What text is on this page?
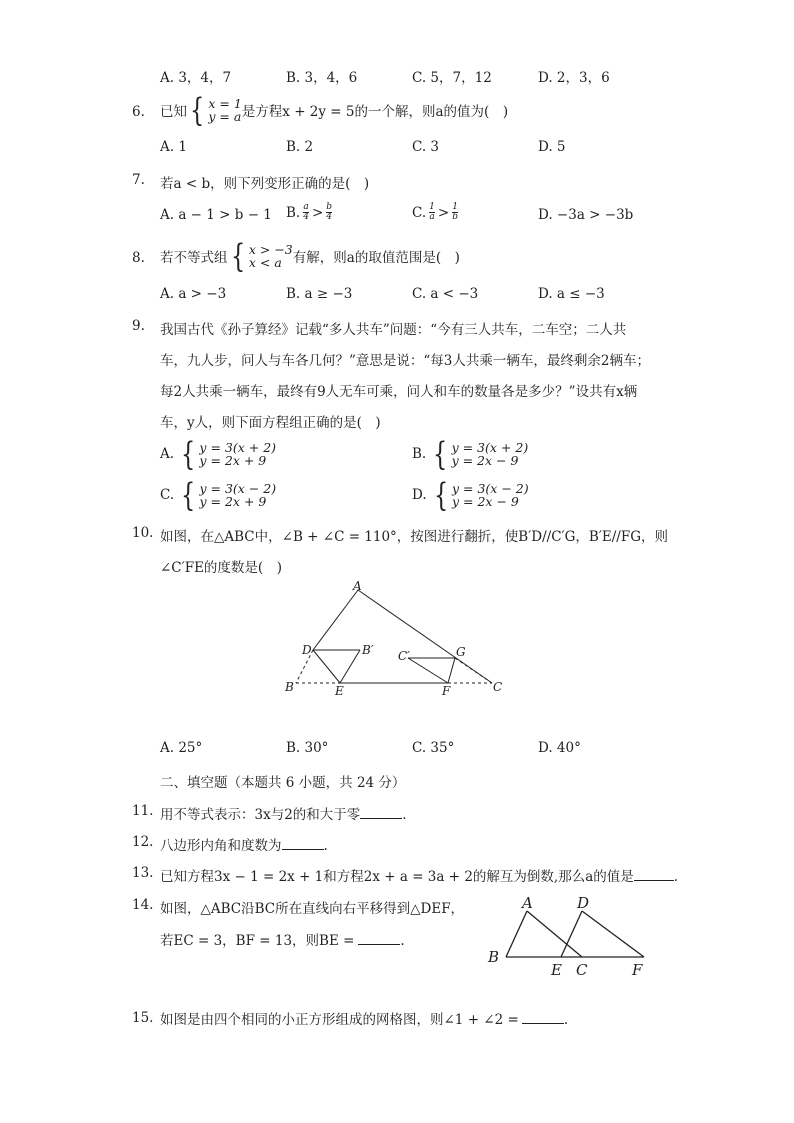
A. 3，4，7	B. 3，4，6	C. 5，7，12	D. 2，3，6
6. 已知 { x = 1
y = a 是方程x + 2y = 5的一个解，则a的值为(　)
A. 1	B. 2	C. 3	D. 5
7. 若a < b，则下列变形正确的是(　)
A. a − 1 > b − 1 B. $\frac{a}{4} > \frac{b}{4}$	C. $\frac{1}{a} > \frac{1}{b}$	D. −3a > −3b
8. 若不等式组 { x > −3
x < a 有解，则a的取值范围是(　)
A. a > −3	B. a ≥ −3	C. a < −3	D. a ≤ −3
9. 我国古代《孙子算经》记载“多人共车”问题：“今有三人共车，二车空；二人共
车，九人步，问人与车各几何？”意思是说：“每3人共乘一辆车，最终剩余2辆车；
每2人共乘一辆车，最终有9人无车可乘，问人和车的数量各是多少？”设共有x辆
车，y人，则下面方程组正确的是(　)
A. { y = 3(x + 2)
y = 2x + 9	B. { y = 3(x + 2)
y = 2x − 9
C. { y = 3(x − 2)
y = 2x + 9	D. { y = 3(x − 2)
y = 2x − 9
10. 如图，在△ABC中，∠B + ∠C = 110°，按图进行翻折，使B′D//C′G，B′E//FG，则
∠C′FE的度数是(　)
A
B	C
D
E	F
G
B′ C′
A. 25°	B. 30°	C. 35°	D. 40°
二、填空题（本题共 6 小题，共 24 分）
11. 用不等式表示：3x与2的和大于零	.
12. 八边形内角和度数为	.
13. 已知方程3x − 1 = 2x + 1和方程2x + a = 3a + 2的解互为倒数,那么a的值是	.
14. 如图，△ABC沿BC所在直线向右平移得到△DEF，
若EC = 3，BF = 13，则BE =	.
A	D
B
E C	F
15. 如图是由四个相同的小正方形组成的网格图，则∠1 + ∠2 =	.
